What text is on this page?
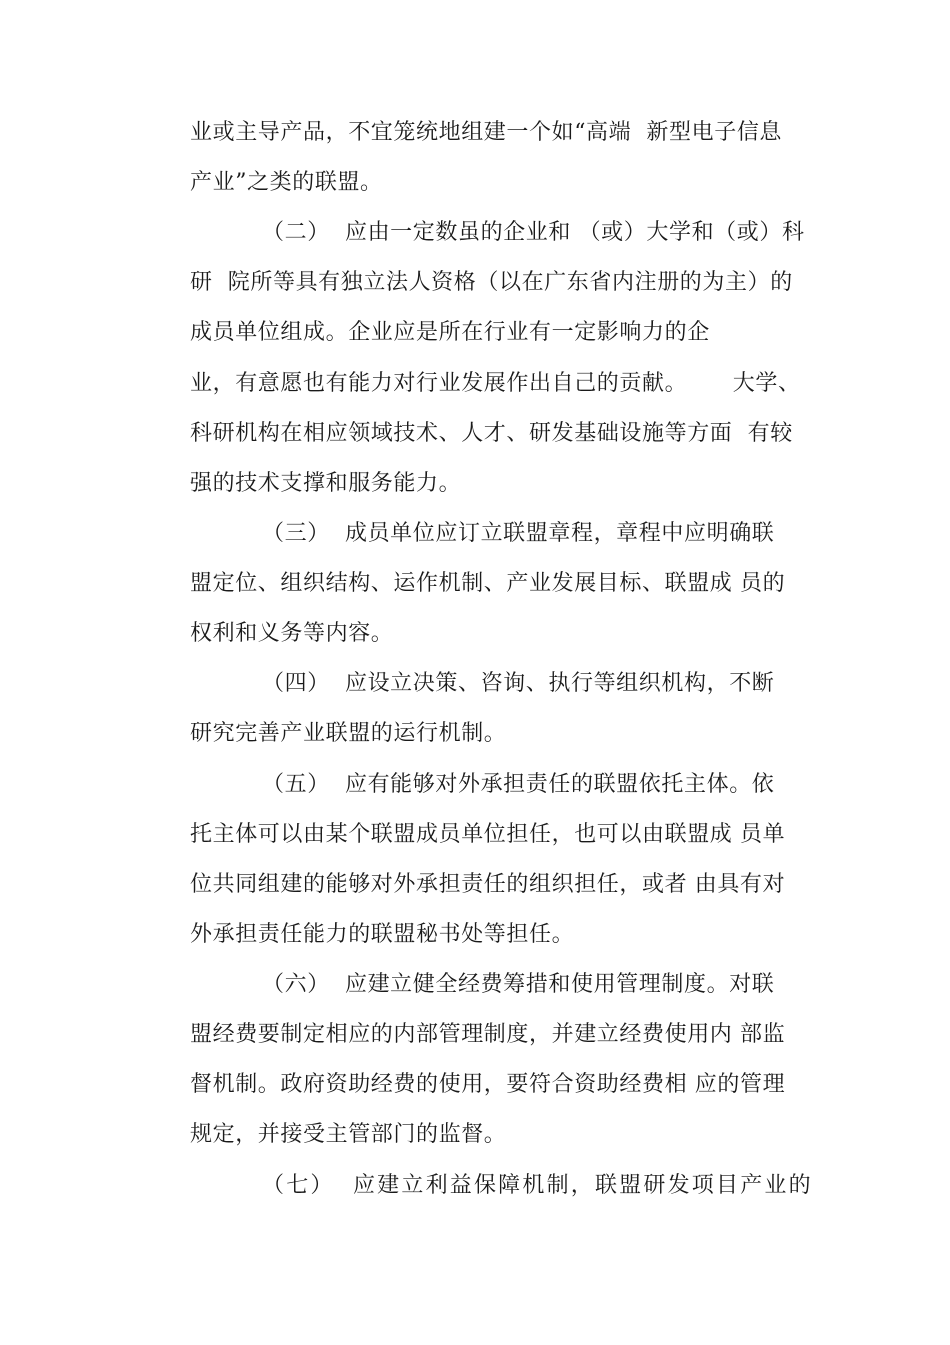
业或主导产品，不宜笼统地组建一个如“高端  新型电子信息
产业”之类的联盟。
（二）  应由一定数虽的企业和 （或）大学和（或）科
研  院所等具有独立法人资格（以在广东省内注册的为主）的
成员单位组成。企业应是所在行业有一定影响力的企
业，有意愿也有能力对行业发展作出自己的贡献。      大学、
科研机构在相应领域技术、人才、研发基础设施等方面  有较
强的技术支撑和服务能力。
（三）  成员单位应订立联盟章程，章程中应明确联
盟定位、组织结构、运作机制、产业发展目标、联盟成 员的
权利和义务等内容。
（四）  应设立决策、咨询、执行等组织机构，不断
研究完善产业联盟的运行机制。
（五）  应有能够对外承担责任的联盟依托主体。依
托主体可以由某个联盟成员单位担任，也可以由联盟成 员单
位共同组建的能够对外承担责任的组织担任，或者 由具有对
外承担责任能力的联盟秘书处等担任。
（六）  应建立健全经费筹措和使用管理制度。对联
盟经费要制定相应的内部管理制度，并建立经费使用内 部监
督机制。政府资助经费的使用，要符合资助经费相 应的管理
规定，并接受主管部门的监督。
（七）  应建立利益保障机制，联盟研发项目产业的
